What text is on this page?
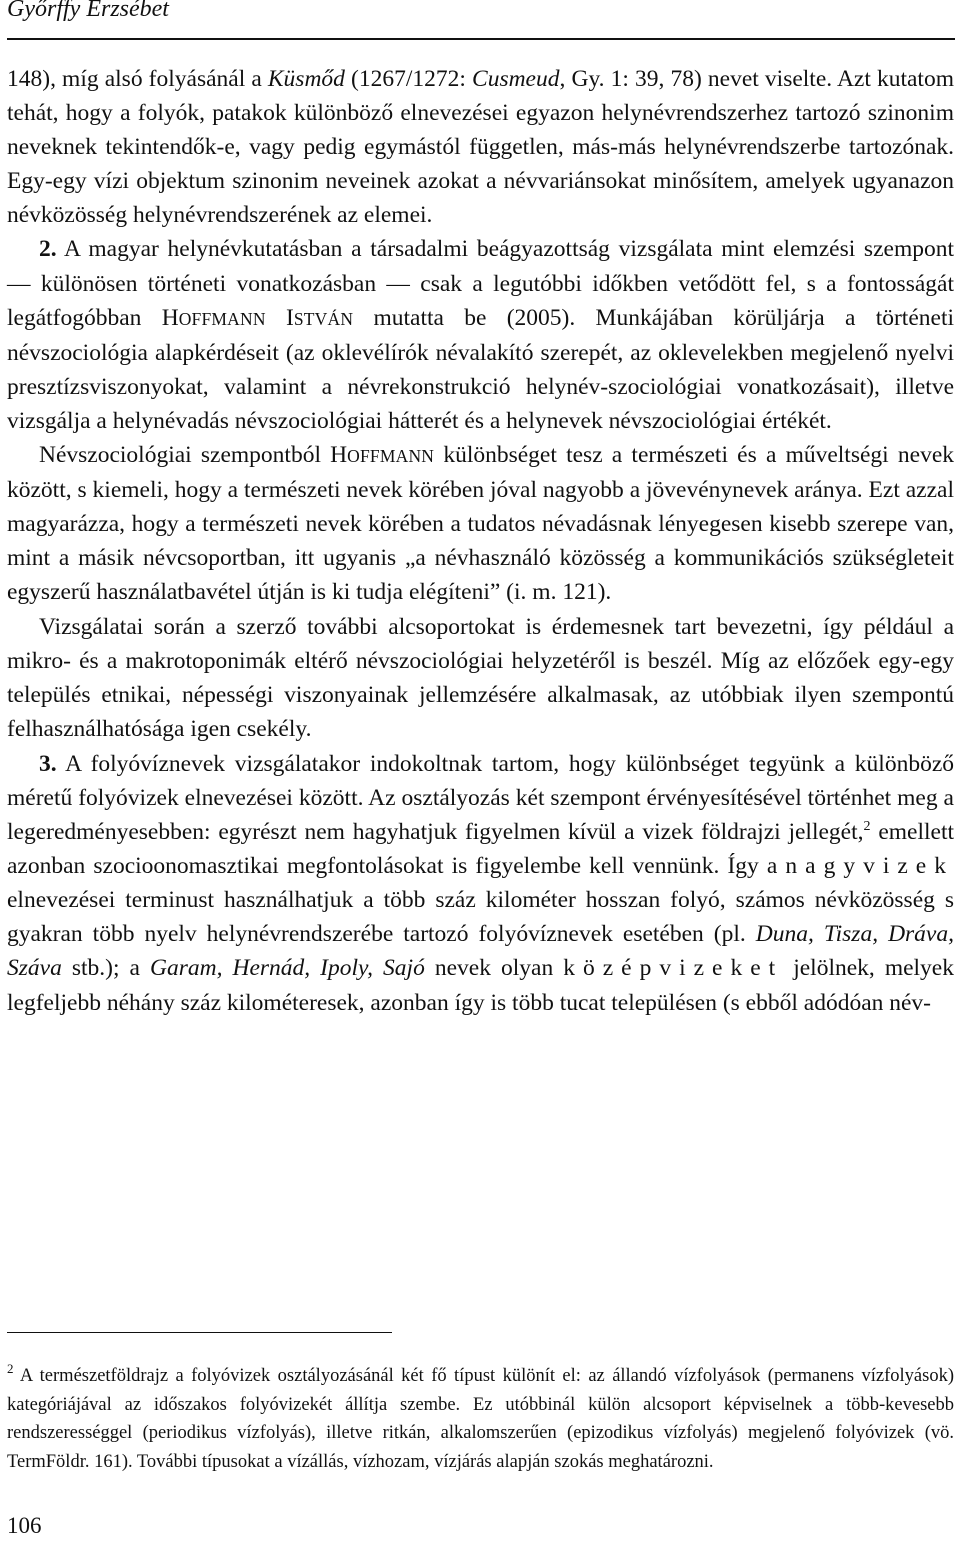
Győrffy Erzsébet

148), míg alsó folyásánál a Küsmőd (1267/1272: Cusmeud, Gy. 1: 39, 78) nevet viselte. Azt kutatom tehát, hogy a folyók, patakok különböző elnevezései egyazon helynévrendszerhez tartozó szinonim neveknek tekintendők-e, vagy pedig egymástól független, más-más helynévrendszerbe tartozónak. Egy-egy vízi objektum szinonim neveinek azokat a névvariánsokat minősítem, amelyek ugyanazon névközösség helynévrendszerének az elemei.

2. A magyar helynévkutatásban a társadalmi beágyazottság vizsgálata mint elemzési szempont — különösen történeti vonatkozásban — csak a legutóbbi időkben vetődött fel, s a fontosságát legátfogóbban HOFFMANN ISTVÁN mutatta be (2005). Munkájában körüljárja a történeti névszociológia alapkérdéseit (az oklevélírók névalakító szerepét, az oklevelekben megjelenő nyelvi presztízsviszonyokat, valamint a névrekonstrukció helynév-szociológiai vonatkozásait), illetve vizsgálja a helynévadás névszociológiai hátterét és a helynevek névszociológiai értékét.

Névszociológiai szempontból HOFFMANN különbséget tesz a természeti és a műveltségi nevek között, s kiemeli, hogy a természeti nevek körében jóval nagyobb a jövevénynevek aránya. Ezt azzal magyarázza, hogy a természeti nevek körében a tudatos névadásnak lényegesen kisebb szerepe van, mint a másik névcsoportban, itt ugyanis „a névhasználó közösség a kommunikációs szükségleteit egyszerű használatbavétel útján is ki tudja elégíteni” (i. m. 121).

Vizsgálatai során a szerző további alcsoportokat is érdemesnek tart bevezetni, így például a mikro- és a makrotoponimák eltérő névszociológiai helyzetéről is beszél. Míg az előzőek egy-egy település etnikai, népességi viszonyainak jellemzésére alkalmasak, az utóbbiak ilyen szempontú felhasználhatósága igen csekély.

3. A folyóvíznevek vizsgálatakor indokoltnak tartom, hogy különbséget tegyünk a különböző méretű folyóvizek elnevezései között. Az osztályozás két szempont érvényesítésével történhet meg a legeredményesebben: egyrészt nem hagyhatjuk figyelmen kívül a vizek földrajzi jellegét,$^2$ emellett azonban szocioonomasztikai megfontolásokat is figyelembe kell vennünk. Így a nagyvizek elnevezései terminust használhatjuk a több száz kilométer hosszan folyó, számos névközösség s gyakran több nyelv helynévrendszerébe tartozó folyóvíznevek esetében (pl. Duna, Tisza, Dráva, Száva stb.); a Garam, Hernád, Ipoly, Sajó nevek olyan középvizeket jelölnek, melyek legfeljebb néhány száz kilométeresek, azonban így is több tucat településen (s ebből adódóan név-

$^2$ A természetföldrajz a folyóvizek osztályozásánál két fő típust különít el: az állandó vízfolyások (permanens vízfolyások) kategóriájával az időszakos folyóvizekét állítja szembe. Ez utóbbinál külön alcsoport képviselnek a több-kevesebb rendszerességgel (periodikus vízfolyás), illetve ritkán, alkalomszerűen (epizodikus vízfolyás) megjelenő folyóvizek (vö. TermFöldr. 161). További típusokat a vízállás, vízhozam, vízjárás alapján szokás meghatározni.

106
